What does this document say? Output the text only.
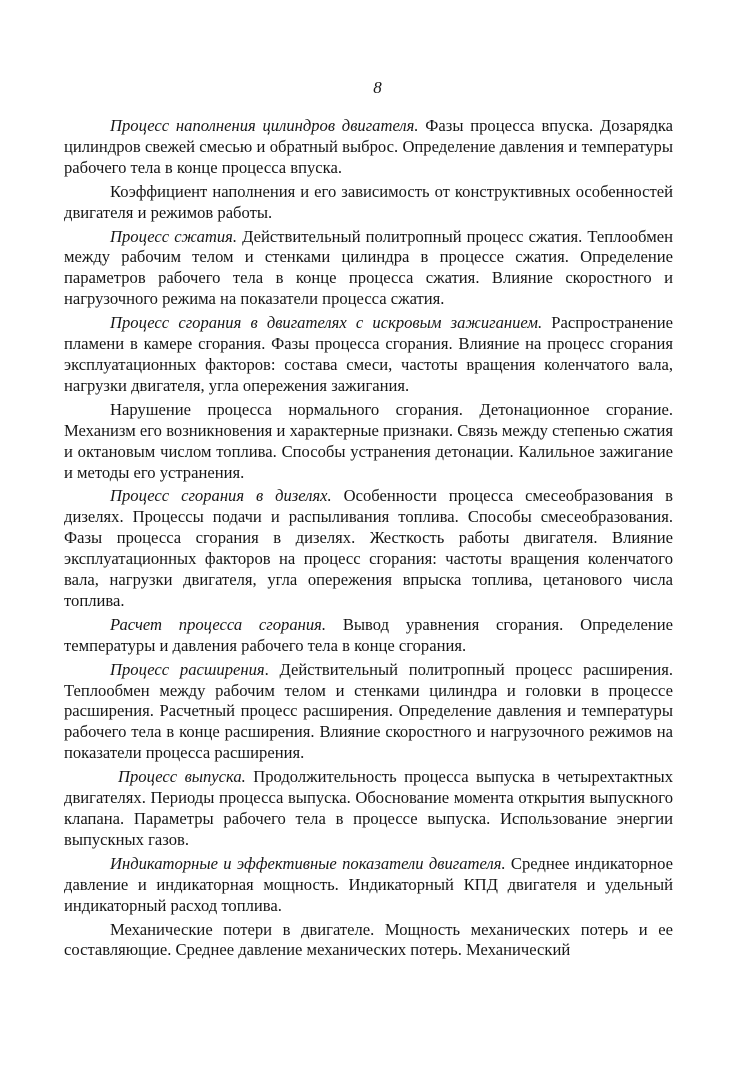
8

Процесс наполнения цилиндров двигателя. Фазы процесса впуска. Дозарядка цилиндров свежей смесью и обратный выброс. Определение давления и температуры рабочего тела в конце процесса впуска.

Коэффициент наполнения и его зависимость от конструктивных особенностей двигателя и режимов работы.

Процесс сжатия. Действительный политропный процесс сжатия. Теплообмен между рабочим телом и стенками цилиндра в процессе сжатия. Определение параметров рабочего тела в конце процесса сжатия. Влияние скоростного и нагрузочного режима на показатели процесса сжатия.

Процесс сгорания в двигателях с искровым зажиганием. Распространение пламени в камере сгорания. Фазы процесса сгорания. Влияние на процесс сгорания эксплуатационных факторов: состава смеси, частоты вращения коленчатого вала, нагрузки двигателя, угла опережения зажигания.

Нарушение процесса нормального сгорания. Детонационное сгорание. Механизм его возникновения и характерные признаки. Связь между степенью сжатия и октановым числом топлива. Способы устранения детонации. Калильное зажигание и методы его устранения.

Процесс сгорания в дизелях. Особенности процесса смесеобразования в дизелях. Процессы подачи и распыливания топлива. Способы смесеобразования. Фазы процесса сгорания в дизелях. Жесткость работы двигателя. Влияние эксплуатационных факторов на процесс сгорания: частоты вращения коленчатого вала, нагрузки двигателя, угла опережения впрыска топлива, цетанового числа топлива.

Расчет процесса сгорания. Вывод уравнения сгорания. Определение температуры и давления рабочего тела в конце сгорания.

Процесс расширения. Действительный политропный процесс расширения. Теплообмен между рабочим телом и стенками цилиндра и головки в процессе расширения. Расчетный процесс расширения. Определение давления и температуры рабочего тела в конце расширения. Влияние скоростного и нагрузочного режимов на показатели процесса расширения.

Процесс выпуска. Продолжительность процесса выпуска в четырехтактных двигателях. Периоды процесса выпуска. Обоснование момента открытия выпускного клапана. Параметры рабочего тела в процессе выпуска. Использование энергии выпускных газов.

Индикаторные и эффективные показатели двигателя. Среднее индикаторное давление и индикаторная мощность. Индикаторный КПД двигателя и удельный индикаторный расход топлива.

Механические потери в двигателе. Мощность механических потерь и ее составляющие. Среднее давление механических потерь. Механический
